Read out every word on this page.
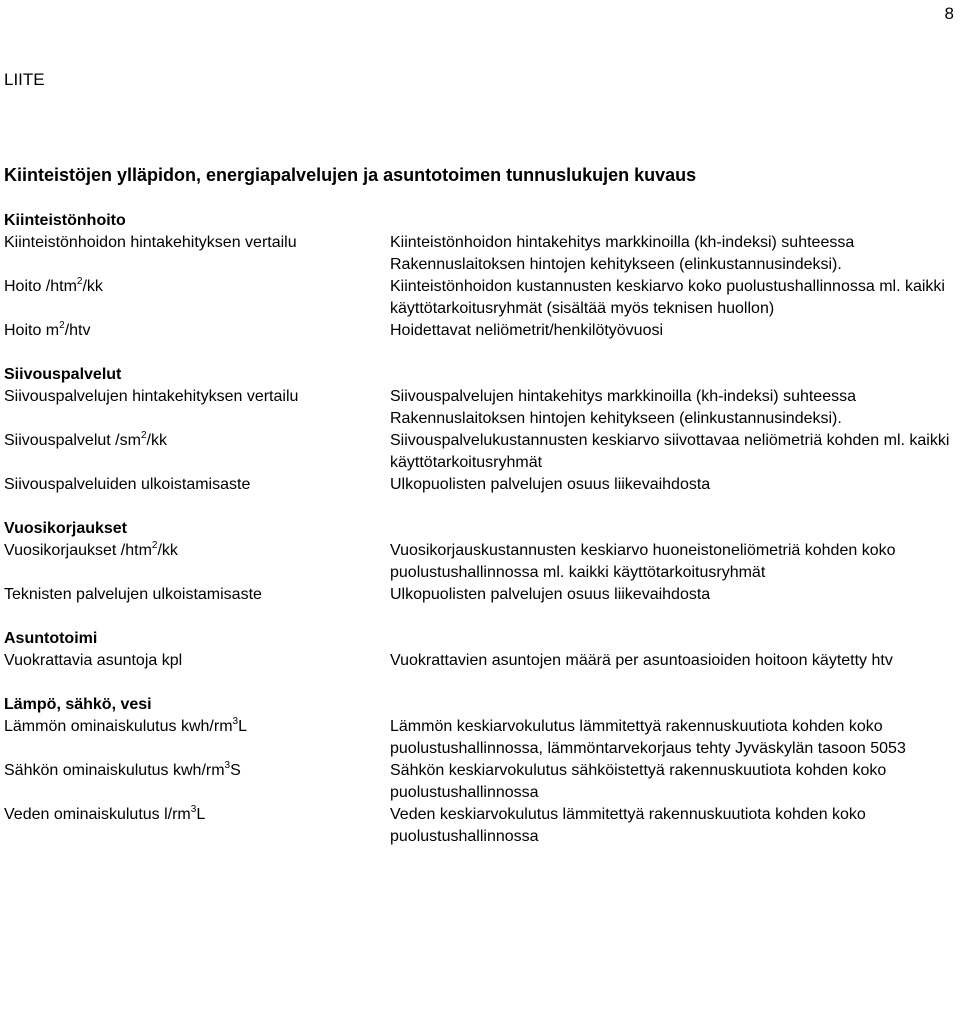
8
LIITE
Kiinteistöjen ylläpidon, energiapalvelujen ja asuntotoimen tunnuslukujen kuvaus
Kiinteistönhoito
Kiinteistönhoidon hintakehityksen vertailu	Kiinteistönhoidon hintakehitys markkinoilla (kh-indeksi) suhteessa Rakennuslaitoksen hintojen kehitykseen (elinkustannusindeksi).
Hoito /htm$^2$/kk	Kiinteistönhoidon kustannusten keskiarvo koko puolustushallinnossa ml. kaikki käyttötarkoitusryhmät (sisältää myös teknisen huollon)
Hoito $m^2$/htv	Hoidettavat neliömetrit/henkilötyövuosi
Siivouspalvelut
Siivouspalvelujen hintakehityksen vertailu	Siivouspalvelujen hintakehitys markkinoilla (kh-indeksi) suhteessa Rakennuslaitoksen hintojen kehitykseen (elinkustannusindeksi).
Siivouspalvelut $/sm^2/kk$	Siivouspalvelukustannusten keskiarvo siivottavaa neliömetriä kohden ml. kaikki käyttötarkoitusryhmät
Siivouspalveluiden ulkoistamisaste	Ulkopuolisten palvelujen osuus liikevaihdosta
Vuosikorjaukset
Vuosikorjaukset /htm$^2$/kk	Vuosikorjauskustannusten keskiarvo huoneistoneliömetriä kohden koko puolustushallinnossa ml. kaikki käyttötarkoitusryhmät
Teknisten palvelujen ulkoistamisaste	Ulkopuolisten palvelujen osuus liikevaihdosta
Asuntotoimi
Vuokrattavia asuntoja kpl	Vuokrattavien asuntojen määrä per asuntoasioiden hoitoon käytetty htv
Lämpö, sähkö, vesi
Lämmön ominaiskulutus kwh/$rm^3L$	Lämmön keskiarvokulutus lämmitettyä rakennuskuutiota kohden koko puolustushallinnossa, lämmöntarvekorjaus tehty Jyväskylän tasoon 5053
Sähkön ominaiskulutus kwh/$rm^3S$	Sähkön keskiarvokulutus sähköistettyä rakennuskuutiota kohden koko puolustushallinnossa
Veden ominaiskulutus $l/rm^3L$	Veden keskiarvokulutus lämmitettyä rakennuskuutiota kohden koko puolustushallinnossa
